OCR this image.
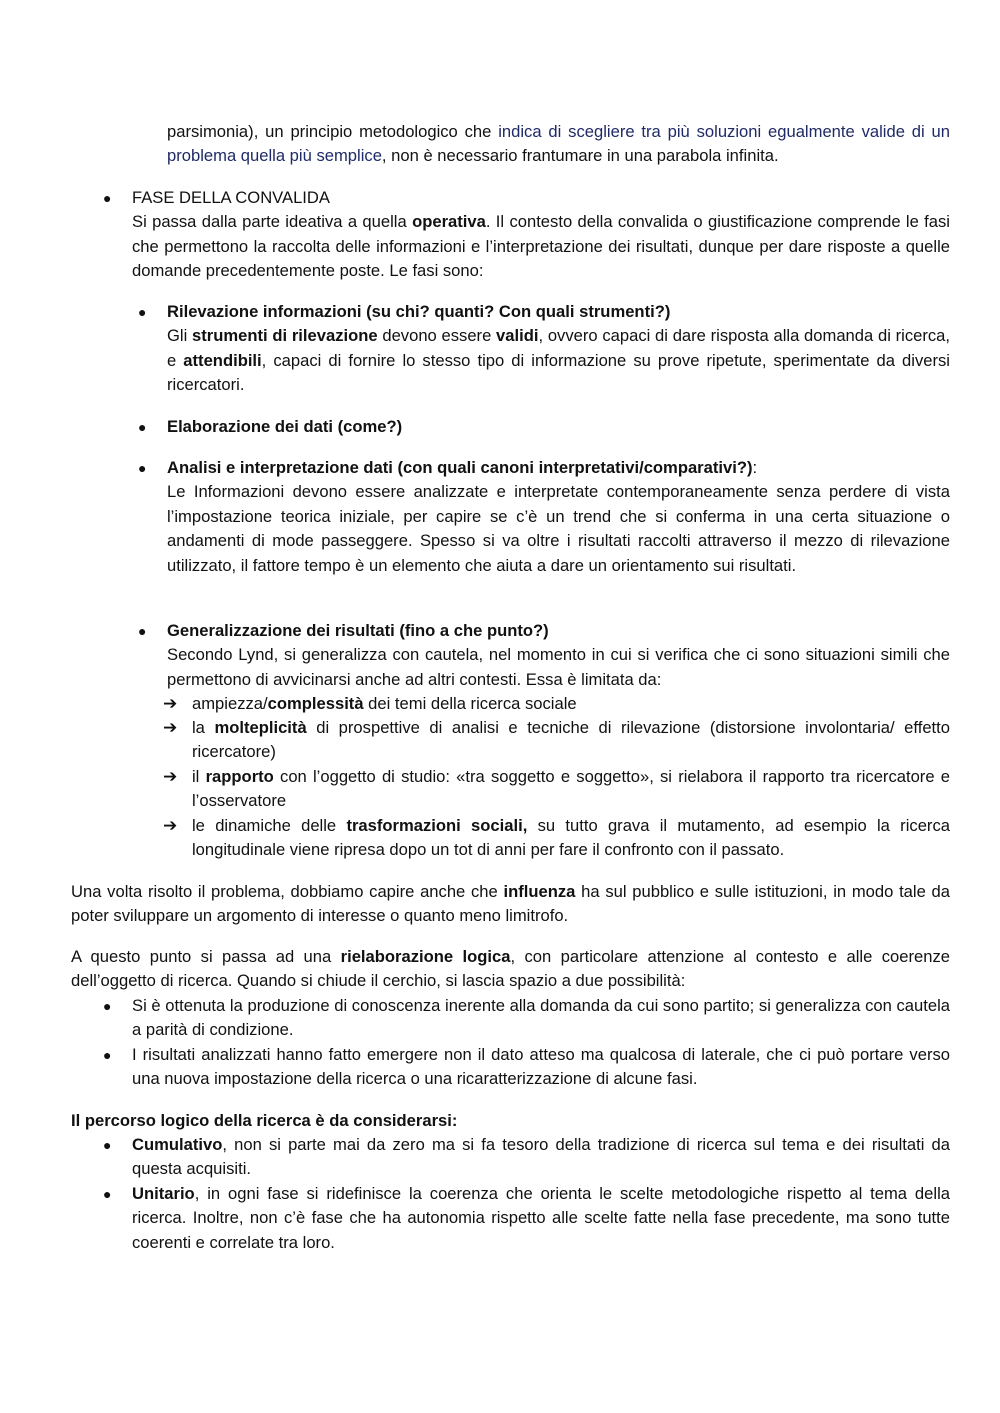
parsimonia), un principio metodologico che indica di scegliere tra più soluzioni egualmente valide di un problema quella più semplice, non è necessario frantumare in una parabola infinita.

● FASE DELLA CONVALIDA

Si passa dalla parte ideativa a quella operativa. Il contesto della convalida o giustificazione comprende le fasi che permettono la raccolta delle informazioni e l’interpretazione dei risultati, dunque per dare risposte a quelle domande precedentemente poste. Le fasi sono:

● Rilevazione informazioni (su chi? quanti? Con quali strumenti?)

Gli strumenti di rilevazione devono essere validi, ovvero capaci di dare risposta alla domanda di ricerca, e attendibili, capaci di fornire lo stesso tipo di informazione su prove ripetute, sperimentate da diversi ricercatori.

● Elaborazione dei dati (come?)

● Analisi e interpretazione dati (con quali canoni interpretativi/comparativi?):

Le Informazioni devono essere analizzate e interpretate contemporaneamente senza perdere di vista l’impostazione teorica iniziale, per capire se c’è un trend che si conferma in una certa situazione o andamenti di mode passeggere. Spesso si va oltre i risultati raccolti attraverso il mezzo di rilevazione utilizzato, il fattore tempo è un elemento che aiuta a dare un orientamento sui risultati.

● Generalizzazione dei risultati (fino a che punto?)

Secondo Lynd, si generalizza con cautela, nel momento in cui si verifica che ci sono situazioni simili che permettono di avvicinarsi anche ad altri contesti. Essa è limitata da:

➔ ampiezza/complessità dei temi della ricerca sociale

➔ la molteplicità di prospettive di analisi e tecniche di rilevazione (distorsione involontaria/ effetto ricercatore)

➔ il rapporto con l’oggetto di studio: «tra soggetto e soggetto», si rielabora il rapporto tra ricercatore e l’osservatore

➔ le dinamiche delle trasformazioni sociali, su tutto grava il mutamento, ad esempio la ricerca longitudinale viene ripresa dopo un tot di anni per fare il confronto con il passato.

Una volta risolto il problema, dobbiamo capire anche che influenza ha sul pubblico e sulle istituzioni, in modo tale da poter sviluppare un argomento di interesse o quanto meno limitrofo.

A questo punto si passa ad una rielaborazione logica, con particolare attenzione al contesto e alle coerenze dell’oggetto di ricerca. Quando si chiude il cerchio, si lascia spazio a due possibilità:

● Si è ottenuta la produzione di conoscenza inerente alla domanda da cui sono partito; si generalizza con cautela a parità di condizione.

● I risultati analizzati hanno fatto emergere non il dato atteso ma qualcosa di laterale, che ci può portare verso una nuova impostazione della ricerca o una ricaratterizzazione di alcune fasi.

Il percorso logico della ricerca è da considerarsi:

● Cumulativo, non si parte mai da zero ma si fa tesoro della tradizione di ricerca sul tema e dei risultati da questa acquisiti.

● Unitario, in ogni fase si ridefinisce la coerenza che orienta le scelte metodologiche rispetto al tema della ricerca. Inoltre, non c’è fase che ha autonomia rispetto alle scelte fatte nella fase precedente, ma sono tutte coerenti e correlate tra loro.
